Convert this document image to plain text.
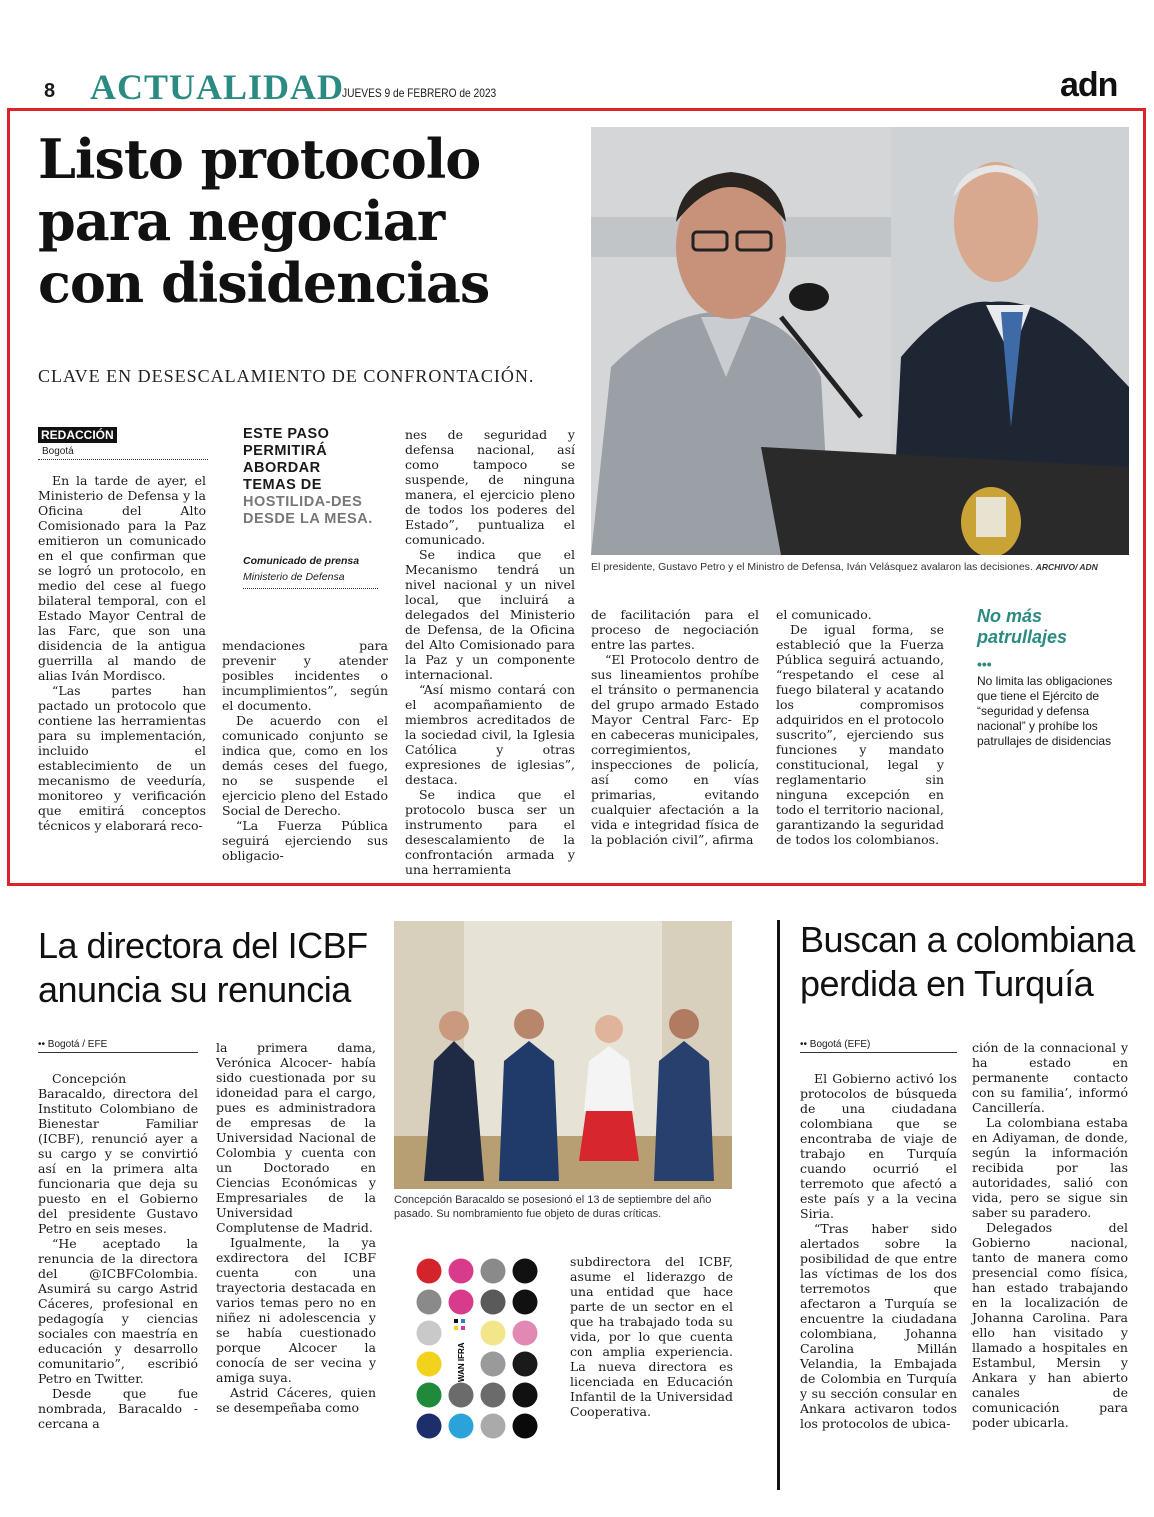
8 ACTUALIDAD
JUEVES 9 de FEBRERO de 2023	adn
Listo protocolo
para negociar
con disidencias
CLAVE EN DESESCALAMIENTO DE CONFRONTACIÓN.
El presidente, Gustavo Petro y el Ministro de Defensa, Iván Velásquez avalaron las decisiones. ARCHIVO/ ADN
REDACCIÓN
Bogotá

En la tarde de ayer, el Ministerio de Defensa y la Oficina del Alto Comisionado para la Paz emitieron un comunicado en el que confirman que se logró un protocolo, en medio del cese al fuego bilateral temporal, con el Estado Mayor Central de las Farc, que son una disidencia de la antigua guerrilla al mando de alias Iván Mordisco.

“Las partes han pactado un protocolo que contiene las herramientas para su implementación, incluido el establecimiento de un mecanismo de veeduría, monitoreo y verificación que emitirá conceptos técnicos y elaborará reco-

ESTE PASO PERMITIRÁ ABORDAR TEMAS DE HOSTILIDA-DES DESDE LA MESA.
Comunicado de prensa
Ministerio de Defensa

mendaciones para prevenir y atender posibles incidentes o incumplimientos”, según el documento.

De acuerdo con el comunicado conjunto se indica que, como en los demás ceses del fuego, no se suspende el ejercicio pleno del Estado Social de Derecho.

“La Fuerza Pública seguirá ejerciendo sus obligacio-

nes de seguridad y defensa nacional, así como tampoco se suspende, de ninguna manera, el ejercicio pleno de todos los poderes del Estado”, puntualiza el comunicado.

Se indica que el Mecanismo tendrá un nivel nacional y un nivel local, que incluirá a delegados del Ministerio de Defensa, de la Oficina del Alto Comisionado para la Paz y un componente internacional.

“Así mismo contará con el acompañamiento de miembros acreditados de la sociedad civil, la Iglesia Católica y otras expresiones de iglesias”, destaca.

Se indica que el protocolo busca ser un instrumento para el desescalamiento de la confrontación armada y una herramienta

de facilitación para el proceso de negociación entre las partes.

“El Protocolo dentro de sus lineamientos prohíbe el tránsito o permanencia del grupo armado Estado Mayor Central Farc- Ep en cabeceras municipales, corregimientos, inspecciones de policía, así como en vías primarias, evitando cualquier afectación a la vida e integridad física de la población civil”, afirma

el comunicado.

De igual forma, se estableció que la Fuerza Pública seguirá actuando, “respetando el cese al fuego bilateral y acatando los compromisos adquiridos en el protocolo suscrito”, ejerciendo sus funciones y mandato constitucional, legal y reglamentario sin ninguna excepción en todo el territorio nacional, garantizando la seguridad de todos los colombianos.

No más
patrullajes
•••
No limita las obligaciones que tiene el Ejército de “seguridad y defensa nacional” y prohíbe los patrullajes de disidencias
La directora del ICBF
anuncia su renuncia
•• Bogotá / EFE

Concepción Baracaldo, directora del Instituto Colombiano de Bienestar Familiar (ICBF), renunció ayer a su cargo y se convirtió así en la primera alta funcionaria que deja su puesto en el Gobierno del presidente Gustavo Petro en seis meses.

“He aceptado la renuncia de la directora del @ICBFColombia. Asumirá su cargo Astrid Cáceres, profesional en pedagogía y ciencias sociales con maestría en educación y desarrollo comunitario”, escribió Petro en Twitter.

Desde que fue nombrada, Baracaldo -cercana a

la primera dama, Verónica Alcocer- había sido cuestionada por su idoneidad para el cargo, pues es administradora de empresas de la Universidad Nacional de Colombia y cuenta con un Doctorado en Ciencias Económicas y Empresariales de la Universidad Complutense de Madrid.

Igualmente, la ya exdirectora del ICBF cuenta con una trayectoria destacada en varios temas pero no en niñez ni adolescencia y se había cuestionado porque Alcocer la conocía de ser vecina y amiga suya.

Astrid Cáceres, quien se desempeñaba como

Concepción Baracaldo se posesionó el 13 de septiembre del año pasado. Su nombramiento fue objeto de duras críticas.
WAN IFRA

subdirectora del ICBF, asume el liderazgo de una entidad que hace parte de un sector en el que ha trabajado toda su vida, por lo que cuenta con amplia experiencia. La nueva directora es licenciada en Educación Infantil de la Universidad Cooperativa.

Buscan a colombiana
perdida en Turquía
•• Bogotá (EFE)

El Gobierno activó los protocolos de búsqueda de una ciudadana colombiana que se encontraba de viaje de trabajo en Turquía cuando ocurrió el terremoto que afectó a este país y a la vecina Siria.

“Tras haber sido alertados sobre la posibilidad de que entre las víctimas de los dos terremotos que afectaron a Turquía se encuentre la ciudadana colombiana, Johanna Carolina Millán Velandia, la Embajada de Colombia en Turquía y su sección consular en Ankara activaron todos los protocolos de ubica-

ción de la connacional y ha estado en permanente contacto con su familia’, informó Cancillería.

La colombiana estaba en Adiyaman, de donde, según la información recibida por las autoridades, salió con vida, pero se sigue sin saber su paradero.

Delegados del Gobierno nacional, tanto de manera como presencial como física, han estado trabajando en la localización de Johanna Carolina. Para ello han visitado y llamado a hospitales en Estambul, Mersin y Ankara y han abierto canales de comunicación para poder ubicarla.
